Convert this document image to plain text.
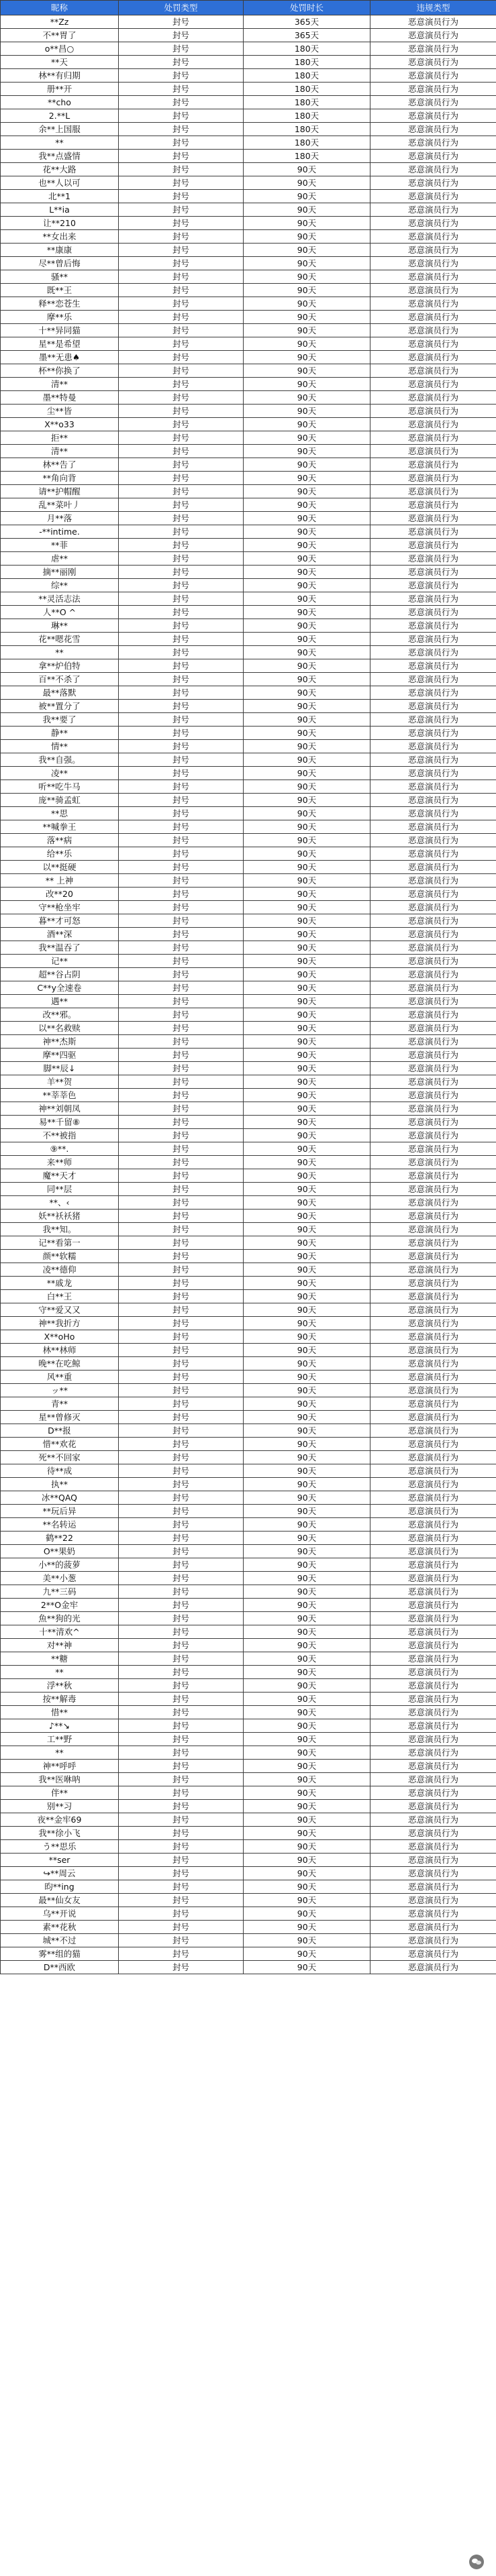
昵称	处罚类型	处罚时长	违规类型
**Zz	封号	365天	恶意演员行为
不**胃了	封号	365天	恶意演员行为
o**昌○	封号	180天	恶意演员行为
**天	封号	180天	恶意演员行为
林**有归期	封号	180天	恶意演员行为
册**开	封号	180天	恶意演员行为
**cho	封号	180天	恶意演员行为
2.**L	封号	180天	恶意演员行为
余**上国服	封号	180天	恶意演员行为
**	封号	180天	恶意演员行为
我**点盛情	封号	180天	恶意演员行为
花**大路	封号	90天	恶意演员行为
也**人以可	封号	90天	恶意演员行为
北**1	封号	90天	恶意演员行为
L**ia	封号	90天	恶意演员行为
让**210	封号	90天	恶意演员行为
**女出来	封号	90天	恶意演员行为
**康康	封号	90天	恶意演员行为
尽**曾后悔	封号	90天	恶意演员行为
骚**	封号	90天	恶意演员行为
既**王	封号	90天	恶意演员行为
释**恋苍生	封号	90天	恶意演员行为
摩**乐	封号	90天	恶意演员行为
十**异同猫	封号	90天	恶意演员行为
星**是希望	封号	90天	恶意演员行为
墨**无患♠	封号	90天	恶意演员行为
杯**你换了	封号	90天	恶意演员行为
清**	封号	90天	恶意演员行为
墨**特曼	封号	90天	恶意演员行为
尘**皆	封号	90天	恶意演员行为
X**o33	封号	90天	恶意演员行为
拒**	封号	90天	恶意演员行为
清**	封号	90天	恶意演员行为
林**告了	封号	90天	恶意演员行为
**角向背	封号	90天	恶意演员行为
请**护帽醒	封号	90天	恶意演员行为
乱**菜叶丿	封号	90天	恶意演员行为
月**落	封号	90天	恶意演员行为
-**intime.	封号	90天	恶意演员行为
**菲	封号	90天	恶意演员行为
虐**	封号	90天	恶意演员行为
摘**丽刚	封号	90天	恶意演员行为
综**	封号	90天	恶意演员行为
**灵活志法	封号	90天	恶意演员行为
人**O ^	封号	90天	恶意演员行为
琳**	封号	90天	恶意演员行为
花**嗯花雪	封号	90天	恶意演员行为
**	封号	90天	恶意演员行为
拿**炉伯特	封号	90天	恶意演员行为
百**不杀了	封号	90天	恶意演员行为
最**落默	封号	90天	恶意演员行为
被**置分了	封号	90天	恶意演员行为
我**要了	封号	90天	恶意演员行为
静**	封号	90天	恶意演员行为
情**	封号	90天	恶意演员行为
我**自强。	封号	90天	恶意演员行为
凌**	封号	90天	恶意演员行为
听**吃牛马	封号	90天	恶意演员行为
庞**骑孟虹	封号	90天	恶意演员行为
**思	封号	90天	恶意演员行为
**喊拳王	封号	90天	恶意演员行为
落**病	封号	90天	恶意演员行为
给**乐	封号	90天	恶意演员行为
以**挺硬	封号	90天	恶意演员行为
** 上神	封号	90天	恶意演员行为
改**20	封号	90天	恶意演员行为
守**枪坐牢	封号	90天	恶意演员行为
暮**才可怒	封号	90天	恶意演员行为
酒**深	封号	90天	恶意演员行为
我**温吞了	封号	90天	恶意演员行为
记**	封号	90天	恶意演员行为
超**谷占阴	封号	90天	恶意演员行为
C**y全速卷	封号	90天	恶意演员行为
遇**	封号	90天	恶意演员行为
改**邪。	封号	90天	恶意演员行为
以**名救赎	封号	90天	恶意演员行为
神**杰斯	封号	90天	恶意演员行为
摩**四驱	封号	90天	恶意演员行为
脚**辰↓	封号	90天	恶意演员行为
羊**贺	封号	90天	恶意演员行为
**莘莘色	封号	90天	恶意演员行为
神**刘朝凤	封号	90天	恶意演员行为
易**千留⑧	封号	90天	恶意演员行为
不**被指	封号	90天	恶意演员行为
⑨**.	封号	90天	恶意演员行为
来**师	封号	90天	恶意演员行为
魔**天才	封号	90天	恶意演员行为
同**层	封号	90天	恶意演员行为
**、‹	封号	90天	恶意演员行为
妖**袄袄猪	封号	90天	恶意演员行为
我**知。	封号	90天	恶意演员行为
记**看第一	封号	90天	恶意演员行为
颜**软糯	封号	90天	恶意演员行为
凌**德仰	封号	90天	恶意演员行为
**戚龙	封号	90天	恶意演员行为
白**王	封号	90天	恶意演员行为
守**爱又又	封号	90天	恶意演员行为
神**我折方	封号	90天	恶意演员行为
X**oHo	封号	90天	恶意演员行为
林**林师	封号	90天	恶意演员行为
晚**在吃鲸	封号	90天	恶意演员行为
风**重	封号	90天	恶意演员行为
ッ**	封号	90天	恶意演员行为
青**	封号	90天	恶意演员行为
星**曾修灭	封号	90天	恶意演员行为
D**报	封号	90天	恶意演员行为
惜**欢花	封号	90天	恶意演员行为
死**不回家	封号	90天	恶意演员行为
待**成	封号	90天	恶意演员行为
执**	封号	90天	恶意演员行为
冰**QAQ	封号	90天	恶意演员行为
**玩后异	封号	90天	恶意演员行为
**名转运	封号	90天	恶意演员行为
鹤**22	封号	90天	恶意演员行为
O**果奶	封号	90天	恶意演员行为
小**的菠萝	封号	90天	恶意演员行为
美**小葱	封号	90天	恶意演员行为
九**三码	封号	90天	恶意演员行为
2**O金牢	封号	90天	恶意演员行为
魚**狗的光	封号	90天	恶意演员行为
十**清欢^	封号	90天	恶意演员行为
对**神	封号	90天	恶意演员行为
**糖	封号	90天	恶意演员行为
**	封号	90天	恶意演员行为
浮**秋	封号	90天	恶意演员行为
按**解毒	封号	90天	恶意演员行为
惜**	封号	90天	恶意演员行为
♪**↘	封号	90天	恶意演员行为
工**野	封号	90天	恶意演员行为
**	封号	90天	恶意演员行为
神**呼呼	封号	90天	恶意演员行为
我**医咻呐	封号	90天	恶意演员行为
伴**	封号	90天	恶意演员行为
别**习	封号	90天	恶意演员行为
夜**金牢69	封号	90天	恶意演员行为
我**徐小飞	封号	90天	恶意演员行为
う**思乐	封号	90天	恶意演员行为
**ser	封号	90天	恶意演员行为
↪**周云	封号	90天	恶意演员行为
昀**ing	封号	90天	恶意演员行为
最**仙女友	封号	90天	恶意演员行为
乌**开说	封号	90天	恶意演员行为
素**花秋	封号	90天	恶意演员行为
城**不过	封号	90天	恶意演员行为
雾**组的猫	封号	90天	恶意演员行为
D**西欧	封号	90天	恶意演员行为
